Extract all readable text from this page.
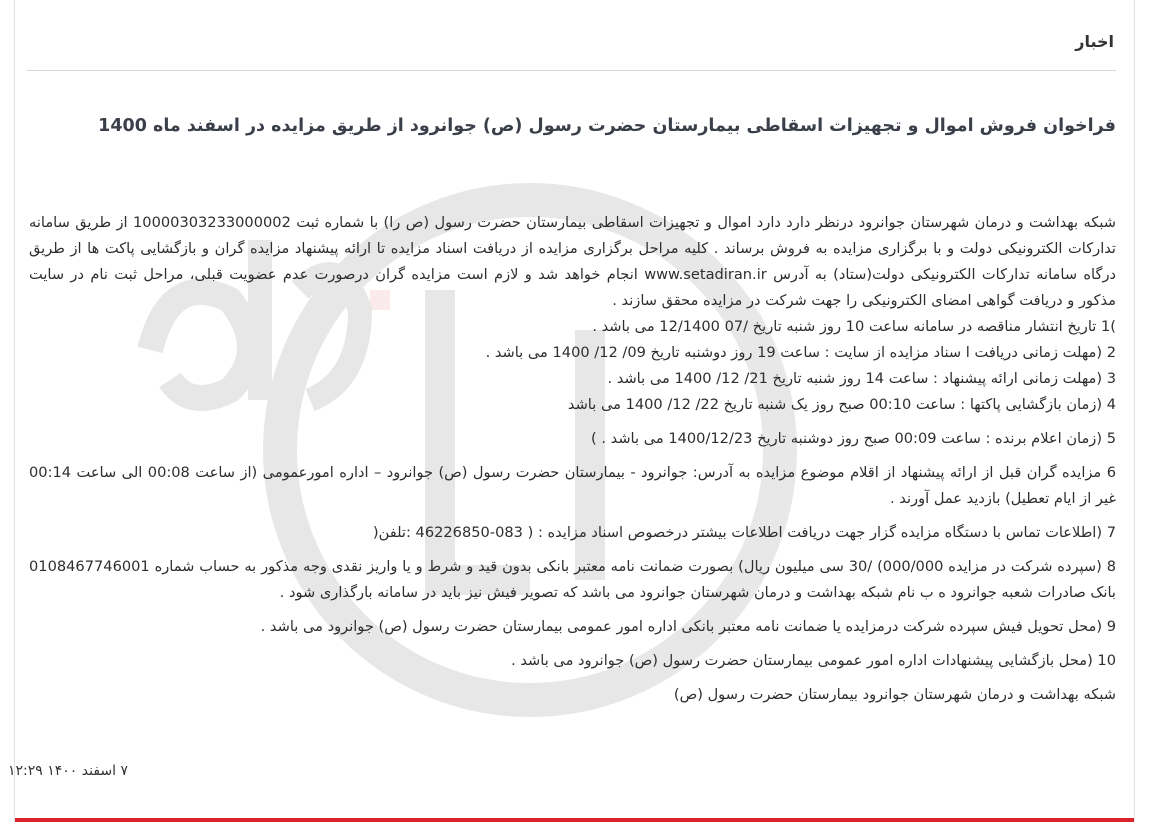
اخبار
فراخوان فروش اموال و تجهیزات اسقاطی بیمارستان حضرت رسول (ص) جوانرود از طریق مزایده در اسفند ماه 1400

شبکه بهداشت و درمان شهرستان جوانرود درنظر دارد دارد اموال و تجهیزات اسقاطی بیمارستان حضرت رسول (ص را) با شماره ثبت 10000303233000002 از طریق سامانه تدارکات الکترونیکی دولت و با برگزاری مزایده به فروش برساند . کلیه مراحل برگزاری مزایده از دریافت اسناد مزایده تا ارائه پیشنهاد مزایده گران و بازگشایی پاکت ها از طریق درگاه سامانه تدارکات الکترونیکی دولت(ستاد) به آدرس www.setadiran.ir انجام خواهد شد و لازم است مزایده گران درصورت عدم عضویت قبلی، مراحل ثبت نام در سایت مذکور و دریافت گواهی امضای الکترونیکی را جهت شرکت در مزایده محقق سازند .

)1 تاریخ انتشار مناقصه در سامانه ساعت 10 روز شنبه تاریخ /07 12/1400 می باشد .

2 (مهلت زمانی دریافت ا سناد مزایده از سایت : ساعت 19 روز دوشنبه تاریخ 09/ 12/ 1400 می باشد .

3 (مهلت زمانی ارائه پیشنهاد : ساعت 14 روز شنبه تاریخ 21/ 12/ 1400 می باشد .

4 (زمان بازگشایی پاکتها : ساعت 00:10 صبح روز یک شنبه تاریخ 22/ 12/ 1400 می باشد

5 (زمان اعلام برنده : ساعت 00:09 صبح روز دوشنبه تاریخ 1400/12/23 می باشد . )

6 مزایده گران قبل از ارائه پیشنهاد از اقلام موضوع مزایده به آدرس: جوانرود - بیمارستان حضرت رسول (ص) جوانرود – اداره امورعمومی (از ساعت 00:08 الی ساعت 00:14 غیر از ایام تعطیل) بازدید عمل آورند .

7 (اطلاعات تماس با دستگاه مزایده گزار جهت دریافت اطلاعات بیشتر درخصوص اسناد مزایده : ( 083-46226850 :تلفن(

8 (سپرده شرکت در مزایده 000/000) /30 سی میلیون ریال) بصورت ضمانت نامه معتبر بانکی بدون قید و شرط و یا واریز نقدی وجه مذکور به حساب شماره 0108467746001 بانک صادرات شعبه جوانرود ه ب نام شبکه بهداشت و درمان شهرستان جوانرود می باشد که تصویر فیش نیز باید در سامانه بارگذاری شود .

9 (محل تحویل فیش سپرده شرکت درمزایده یا ضمانت نامه معتبر بانکی اداره امور عمومی بیمارستان حضرت رسول (ص) جوانرود می باشد .

10 (محل بازگشایی پیشنهادات اداره امور عمومی بیمارستان حضرت رسول (ص) جوانرود می باشد .

شبکه بهداشت و درمان شهرستان جوانرود بیمارستان حضرت رسول (ص)

۷ اسفند ۱۴۰۰ ۱۲:۲۹
